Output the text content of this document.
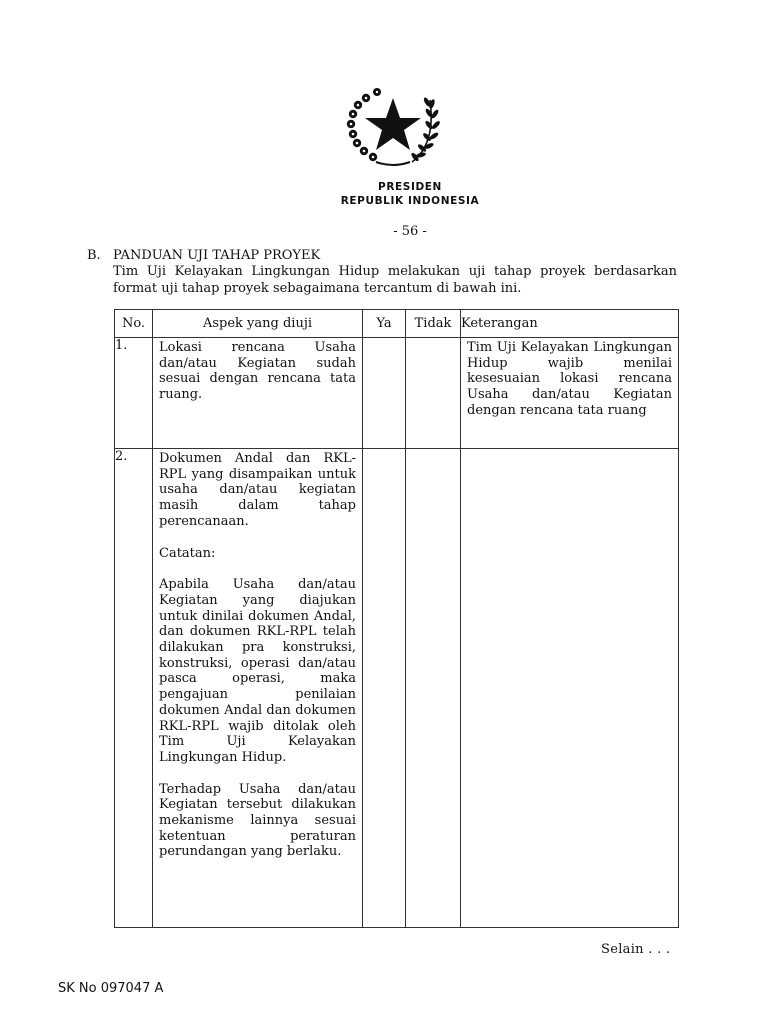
PRESIDEN
REPUBLIK INDONESIA
- 56 -
B. PANDUAN UJI TAHAP PROYEK
Tim Uji Kelayakan Lingkungan Hidup melakukan uji tahap proyek berdasarkan format uji tahap proyek sebagaimana tercantum di bawah ini.
No.	Aspek yang diuji	Ya	Tidak	Keterangan
1.	Lokasi rencana Usaha dan/atau Kegiatan sudah sesuai dengan rencana tata ruang.			Tim Uji Kelayakan Lingkungan Hidup wajib menilai kesesuaian lokasi rencana Usaha dan/atau Kegiatan dengan rencana tata ruang

2.	Dokumen Andal dan RKL-RPL yang disampaikan untuk usaha dan/atau kegiatan masih dalam tahap perencanaan.

Catatan:

Apabila Usaha dan/atau Kegiatan yang diajukan untuk dinilai dokumen Andal, dan dokumen RKL-RPL telah dilakukan pra konstruksi, konstruksi, operasi dan/atau pasca operasi, maka pengajuan penilaian dokumen Andal dan dokumen RKL-RPL wajib ditolak oleh Tim Uji Kelayakan Lingkungan Hidup.

Terhadap Usaha dan/atau Kegiatan tersebut dilakukan mekanisme lainnya sesuai ketentuan peraturan perundangan yang berlaku.			

Selain . . .
SK No 097047 A
